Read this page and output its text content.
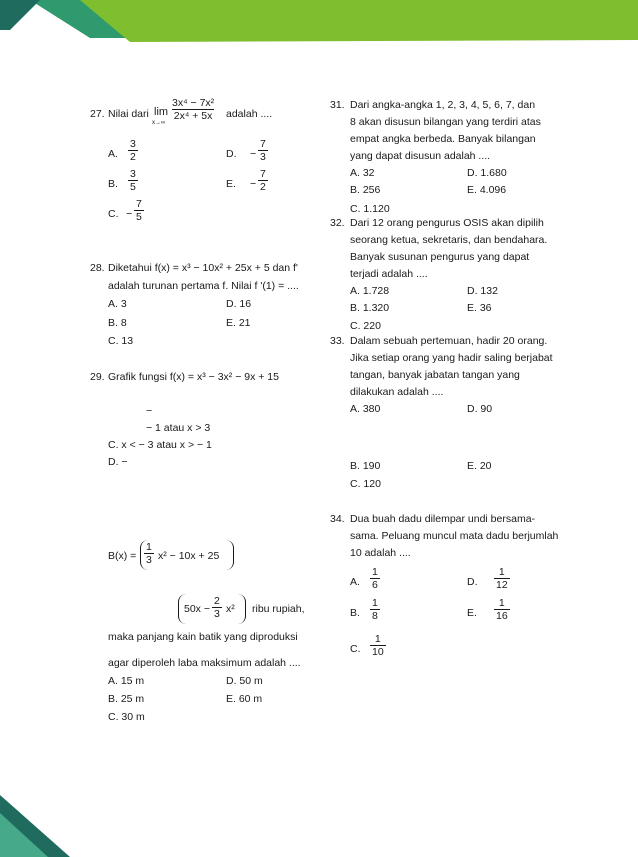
27. Nilai dari lim
x→∞
$\frac{\text{3x⁴ − 7x²}}{\text{2x⁴ + 5x}}$ adalah ....
A. $\frac{3}{2}$	D. − $\frac{7}{3}$
B. $\frac{3}{5}$	E. − $\frac{7}{2}$
C. − $\frac{7}{5}$
28. Diketahui f(x) = x³ − 10x² + 25x + 5 dan f'
adalah turunan pertama f. Nilai f '(1) = ....
A. 3	D. 16
B. 8	E. 21
C. 13
29. Grafik fungsi f(x) = x³ − 3x² − 9x + 15
−
− 1 atau x > 3
C. x < − 3 atau x > − 1
D. −
$B(x) = \frac{1}{3} x^2 - 10x + 25$
$50x - \frac{2}{3} x^2$ ribu rupiah,
maka panjang kain batik yang diproduksi
agar diperoleh laba maksimum adalah ....
A. 15 m	D. 50 m
B. 25 m	E. 60 m
C. 30 m
31. Dari angka-angka 1, 2, 3, 4, 5, 6, 7, dan
8 akan disusun bilangan yang terdiri atas
empat angka berbeda. Banyak bilangan
yang dapat disusun adalah ....
A. 32	D. 1.680
B. 256	E. 4.096
C. 1.120
32. Dari 12 orang pengurus OSIS akan dipilih
seorang ketua, sekretaris, dan bendahara.
Banyak susunan pengurus yang dapat
terjadi adalah ....
A. 1.728	D. 132
B. 1.320	E. 36
C. 220
33. Dalam sebuah pertemuan, hadir 20 orang.
Jika setiap orang yang hadir saling berjabat
tangan, banyak jabatan tangan yang
dilakukan adalah ....
A. 380	D. 90
B. 190	E. 20
C. 120
34. Dua buah dadu dilempar undi bersama-
sama. Peluang muncul mata dadu berjumlah
10 adalah ....
A. $\frac{1}{6}$	D. $\frac{1}{12}$
B. $\frac{1}{8}$	E. $\frac{1}{16}$
C. $\frac{1}{10}$
